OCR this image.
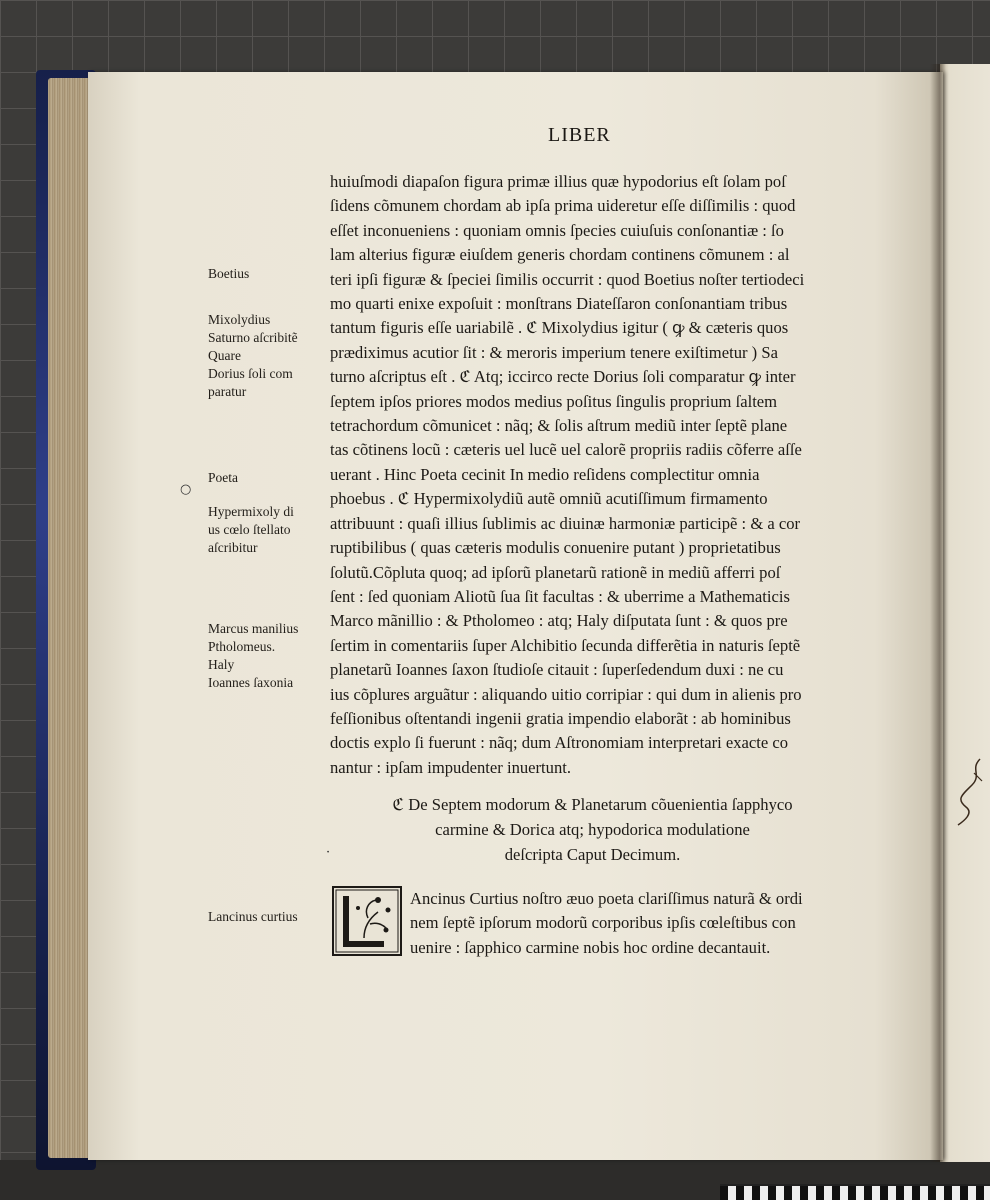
LIBER
huiuſmodi diapaſon figura primæ illius quæ hypodorius eſt ſolam poſ
ſidens cõmunem chordam ab ipſa prima uideretur eſſe diſſimilis : quod
eſſet inconueniens : quoniam omnis ſpecies cuiuſuis conſonantiæ : ſo
lam alterius figuræ eiuſdem generis chordam continens cõmunem : al
teri ipſi figuræ & ſpeciei ſimilis occurrit : quod Boetius noſter tertiodeci
mo quarti enixe expoſuit : monſtrans Diateſſaron conſonantiam tribus
tantum figuris eſſe uariabilẽ . ℭ Mixolydius igitur ( ꝙ & cæteris quos
prædiximus acutior ſit : & meroris imperium tenere exiſtimetur ) Sa
turno aſcriptus eſt . ℭ Atq; iccirco recte Dorius ſoli comparatur ꝙ inter
ſeptem ipſos priores modos medius poſitus ſingulis proprium ſaltem
tetrachordum cõmunicet : nãq; & ſolis aſtrum mediũ inter ſeptẽ plane
tas cõtinens locũ : cæteris uel lucẽ uel calorẽ propriis radiis cõferre aſſe
uerant . Hinc Poeta cecinit In medio reſidens complectitur omnia
phoebus . ℭ Hypermixolydiũ autẽ omniũ acutiſſimum firmamento
attribuunt : quaſi illius ſublimis ac diuinæ harmoniæ participẽ : & a cor
ruptibilibus ( quas cæteris modulis conuenire putant ) proprietatibus
ſolutũ.Cõpluta quoq; ad ipſorũ planetarũ rationẽ in mediũ afferri poſ
ſent : ſed quoniam Aliotũ ſua ſit facultas : & uberrime a Mathematicis
Marco mãnillio : & Ptholomeo : atq; Haly diſputata ſunt : & quos pre
ſertim in comentariis ſuper Alchibitio ſecunda differẽtia in naturis ſeptẽ
planetarũ Ioannes ſaxon ſtudioſe citauit : ſuperſedendum duxi : ne cu
ius cõplures arguãtur : aliquando uitio corripiar : qui dum in alienis pro
feſſionibus oſtentandi ingenii gratia impendio elaborãt : ab hominibus
doctis explo ſi fuerunt : nãq; dum Aſtronomiam interpretari exacte co
nantur : ipſam impudenter inuertunt.
Boetius
Mixolydius
Saturno aſcribitẽ
Quare
Dorius ſoli com
paratur
Poeta
Hypermixoly di
us cœlo ſtellato
aſcribitur
Marcus manilius
Ptholomeus.
Haly
Ioannes ſaxonia
Lancinus curtius
○
·
ℭ De Septem modorum & Planetarum cõuenientia ſapphyco
carmine & Dorica atq; hypodorica modulatione
deſcripta Caput Decimum.
Ancinus Curtius noſtro æuo poeta clariſſimus naturã & ordi
nem ſeptẽ ipſorum modorũ corporibus ipſis cœleſtibus con
uenire : ſapphico carmine nobis hoc ordine decantauit.
